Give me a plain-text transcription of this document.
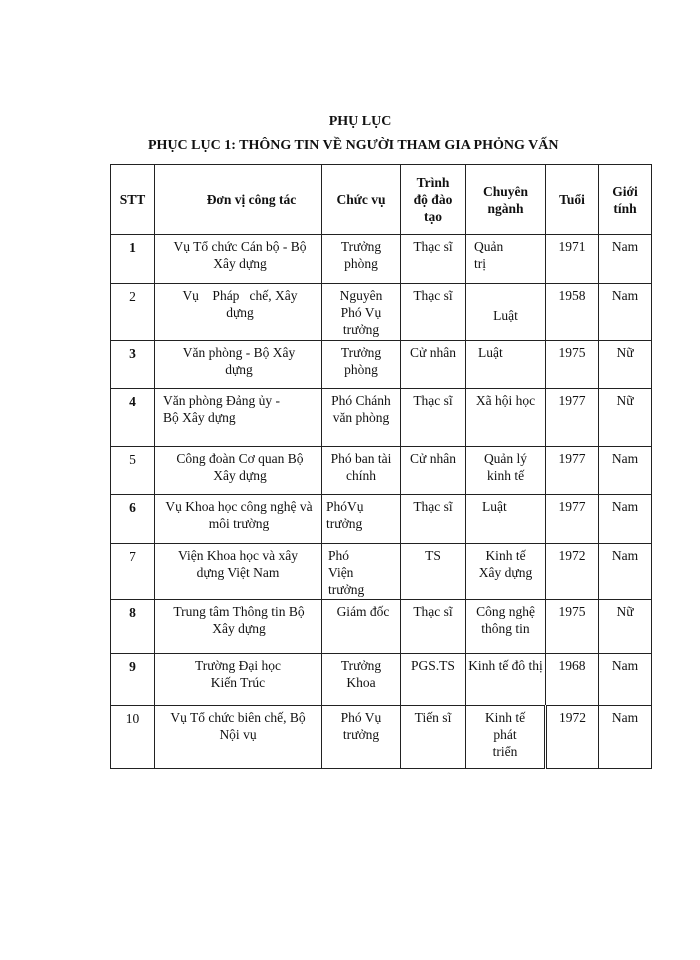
PHỤ LỤC
PHỤC LỤC 1: THÔNG TIN VỀ NGƯỜI THAM GIA PHỎNG VẤN
STT	Đơn vị công tác	Chức vụ	Trình độ đào tạo	Chuyên ngành	Tuổi	Giới tính
1	Vụ Tổ chức Cán bộ - Bộ Xây dựng	Trưởng phòng	Thạc sĩ	Quản trị	1971	Nam
2	Vụ    Pháp   chế, Xây dựng	Nguyên Phó Vụ trưởng	Thạc sĩ	Luật	1958	Nam
3	Văn phòng - Bộ Xây dựng	Trưởng phòng	Cử nhân	Luật	1975	Nữ
4	Văn phòng Đảng ủy - Bộ Xây dựng	Phó Chánh văn phòng	Thạc sĩ	Xã hội học	1977	Nữ
5	Công đoàn Cơ quan Bộ Xây dựng	Phó ban tài chính	Cử nhân	Quản lý kinh tế	1977	Nam
6	Vụ Khoa học công nghệ và môi trường	PhóVụ trưởng	Thạc sĩ	Luật	1977	Nam
7	Viện Khoa học và xây dựng Việt Nam	Phó Viện trưởng	TS	Kinh tế Xây dựng	1972	Nam
8	Trung tâm Thông tin Bộ Xây dựng	Giám đốc	Thạc sĩ	Công nghệ thông tin	1975	Nữ
9	Trường Đại học Kiến Trúc	Trưởng Khoa	PGS.TS	Kinh tế đô thị	1968	Nam
10	Vụ Tổ chức biên chế, Bộ Nội vụ	Phó Vụ trưởng	Tiến sĩ	Kinh tế phát triển	1972	Nam
